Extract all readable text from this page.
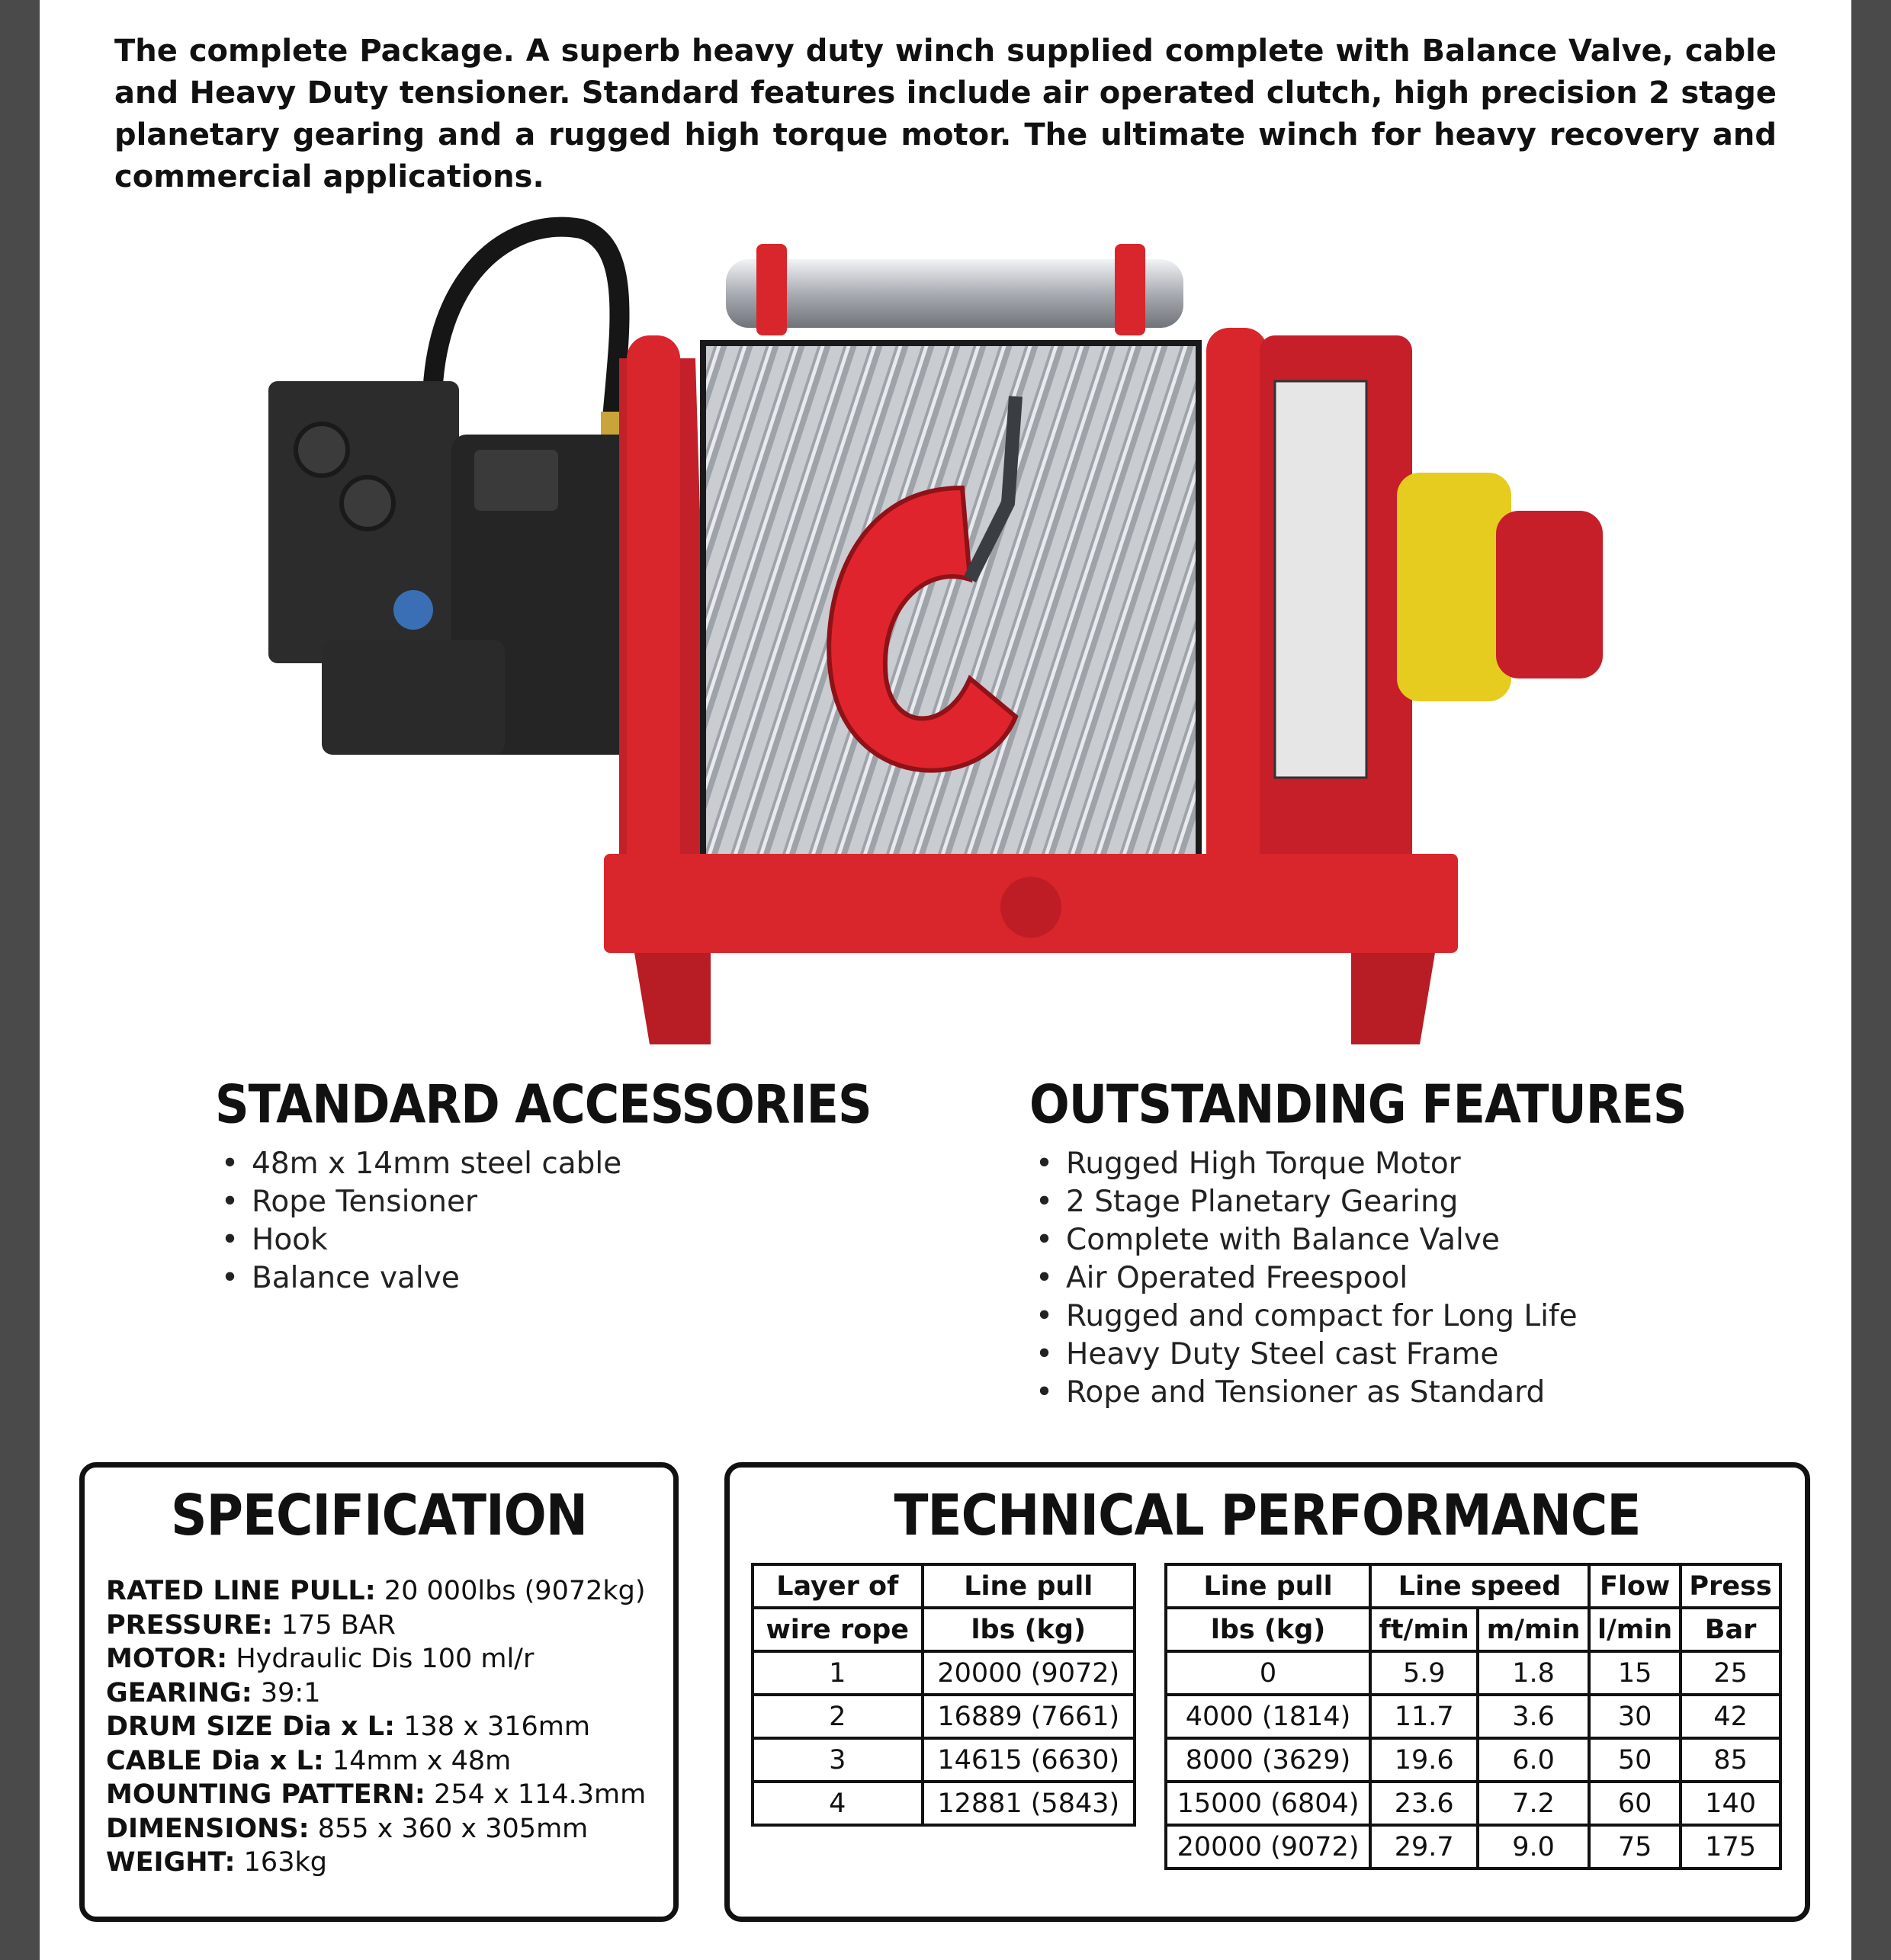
The complete Package. A superb heavy duty winch supplied complete with Balance Valve, cable and Heavy Duty tensioner. Standard features include air operated clutch, high precision 2 stage planetary gearing and a rugged high torque motor. The ultimate winch for heavy recovery and commercial applications.

STANDARD ACCESSORIES
• 48m x 14mm steel cable
• Rope Tensioner
• Hook
• Balance valve
OUTSTANDING FEATURES
• Rugged High Torque Motor
• 2 Stage Planetary Gearing
• Complete with Balance Valve
• Air Operated Freespool
• Rugged and compact for Long Life
• Heavy Duty Steel cast Frame
• Rope and Tensioner as Standard
SPECIFICATION
RATED LINE PULL: 20 000lbs (9072kg)
PRESSURE: 175 BAR
MOTOR: Hydraulic Dis 100 ml/r
GEARING: 39:1
DRUM SIZE Dia x L: 138 x 316mm
CABLE Dia x L: 14mm x 48m
MOUNTING PATTERN: 254 x 114.3mm
DIMENSIONS: 855 x 360 x 305mm
WEIGHT: 163kg
TECHNICAL PERFORMANCE
Layer of	Line pull
wire rope	lbs (kg)
1	20000 (9072)
2	16889 (7661)
3	14615 (6630)
4	12881 (5843)
Line pull	Line speed		Flow	Press
lbs (kg)	ft/min	m/min	l/min	Bar
0	5.9	1.8	15	25
4000 (1814)	11.7	3.6	30	42
8000 (3629)	19.6	6.0	50	85
15000 (6804)	23.6	7.2	60	140
20000 (9072)	29.7	9.0	75	175
